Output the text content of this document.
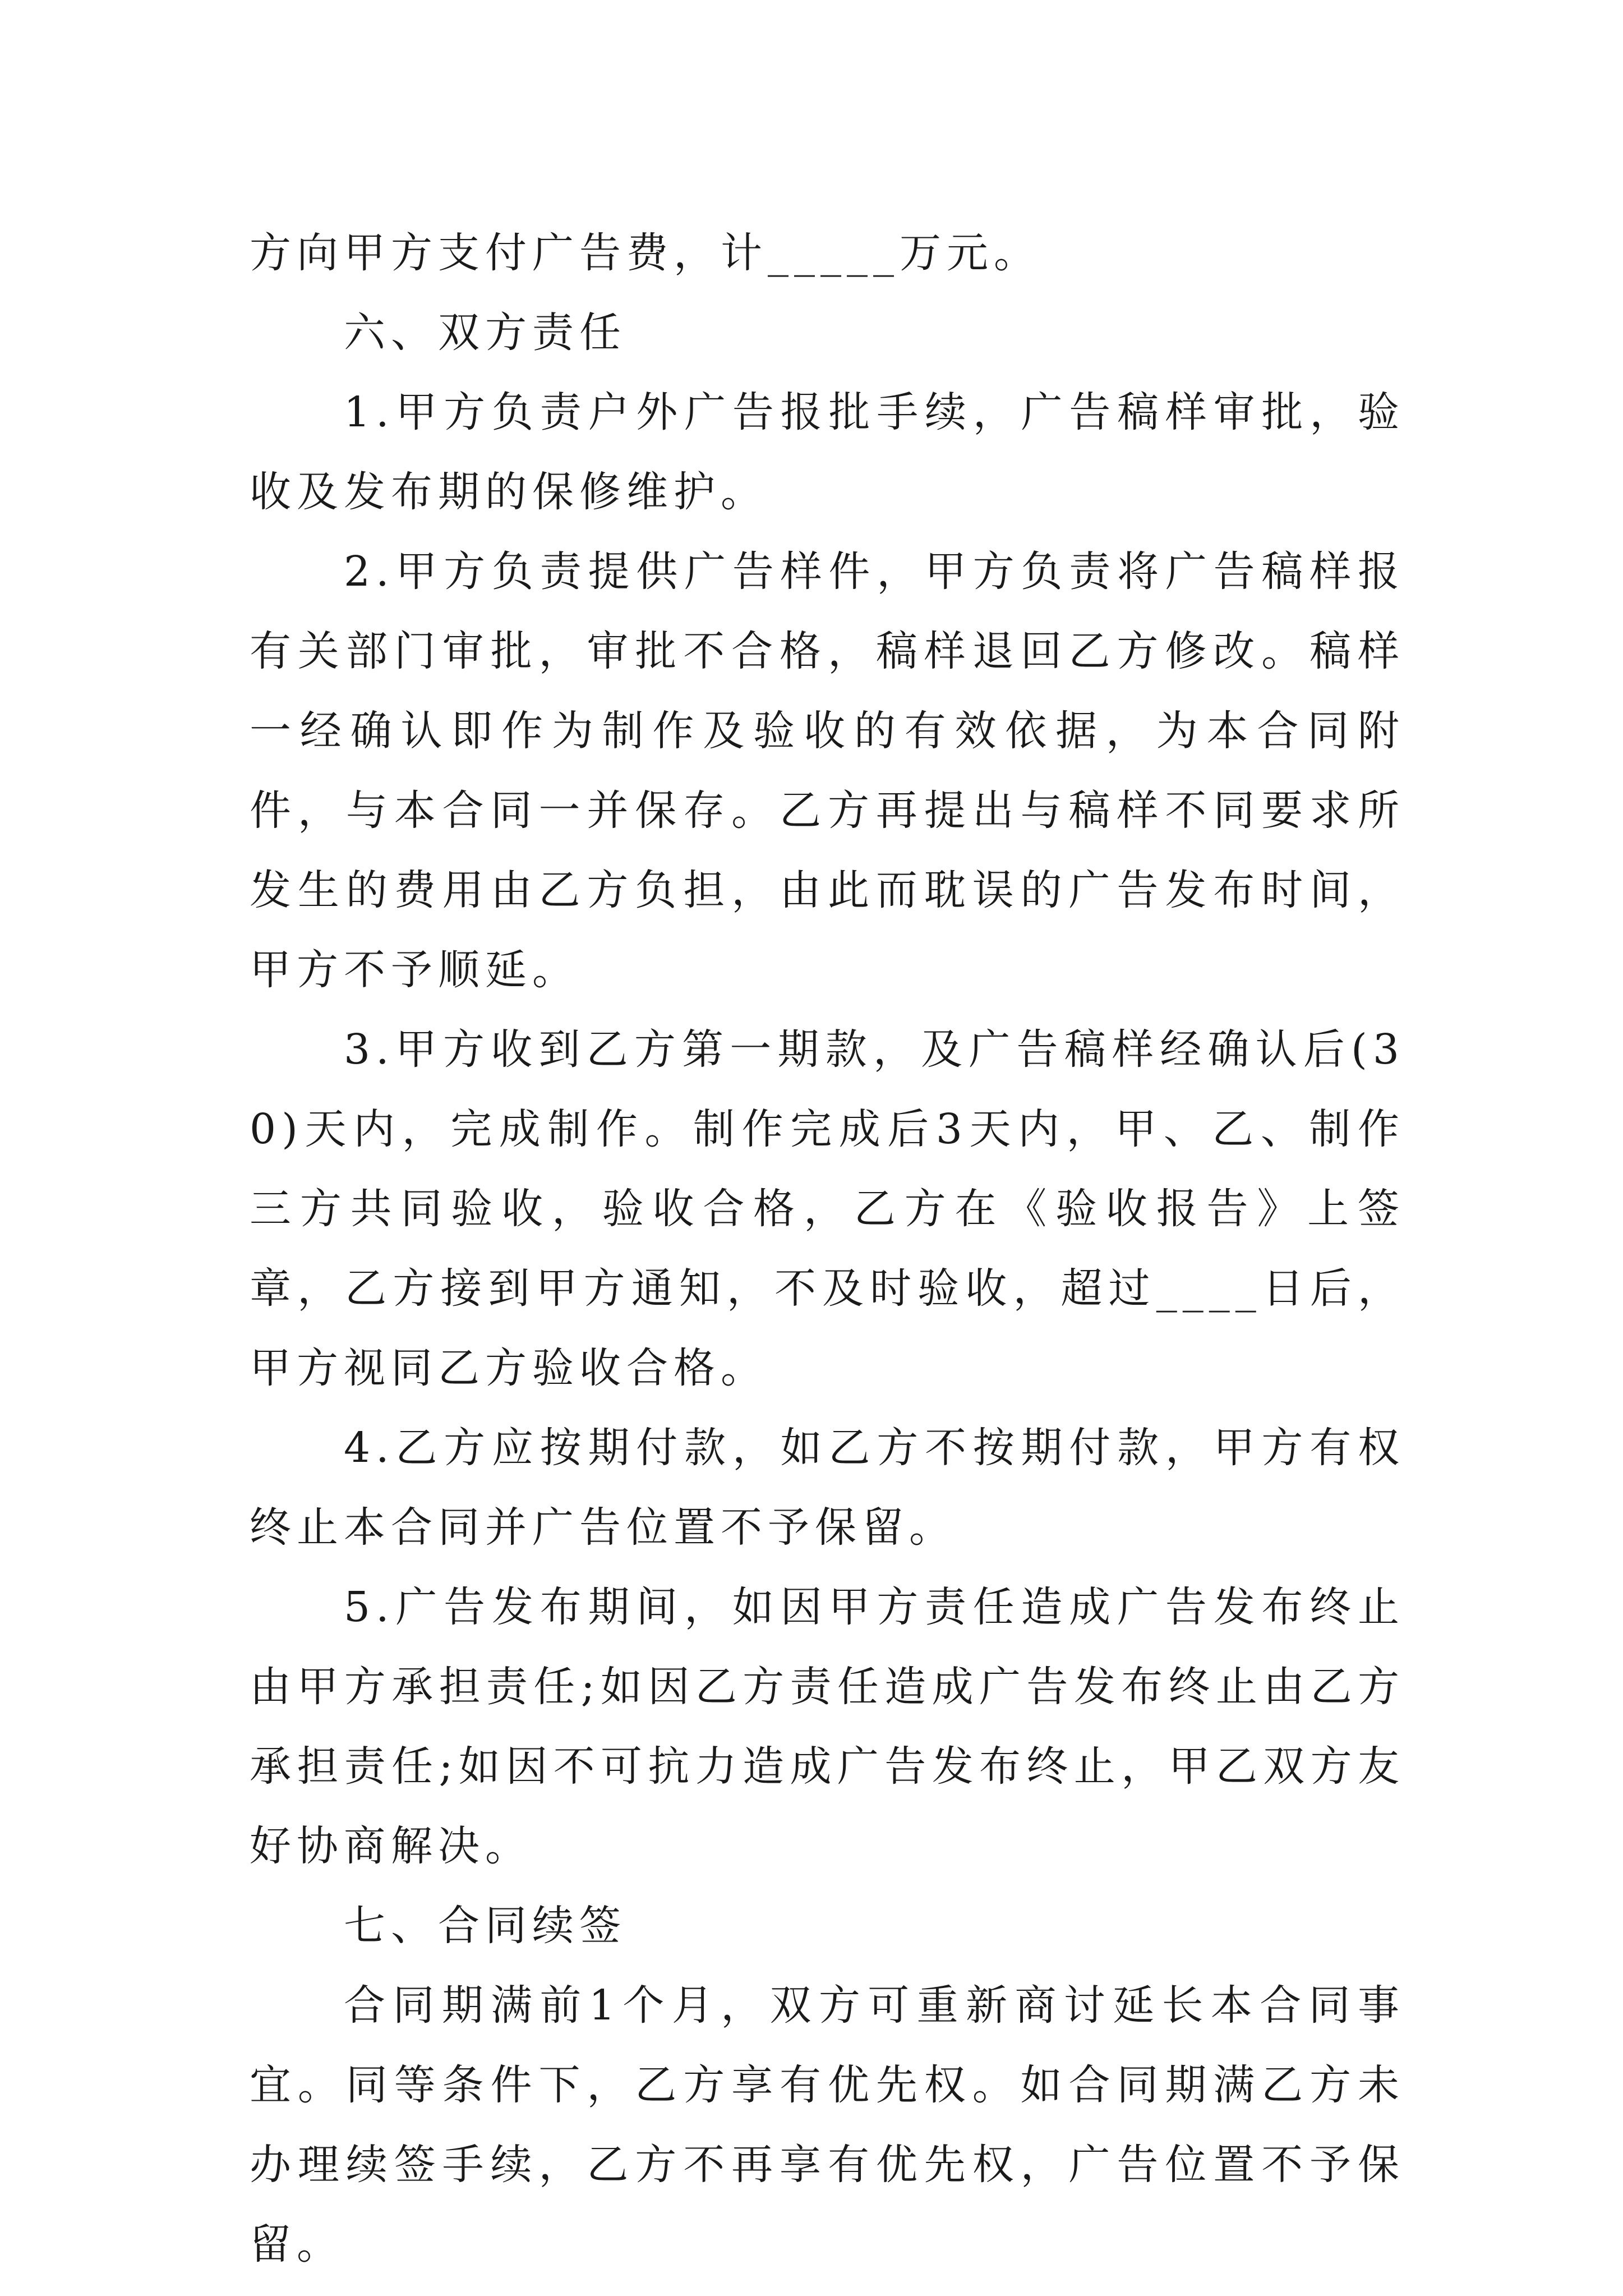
方向甲方支付广告费，计_____万元。

六、双方责任

1.甲方负责户外广告报批手续，广告稿样审批，验收及发布期的保修维护。

2.甲方负责提供广告样件，甲方负责将广告稿样报有关部门审批，审批不合格，稿样退回乙方修改。稿样一经确认即作为制作及验收的有效依据，为本合同附件，与本合同一并保存。乙方再提出与稿样不同要求所发生的费用由乙方负担，由此而耽误的广告发布时间，甲方不予顺延。

3.甲方收到乙方第一期款，及广告稿样经确认后(30)天内，完成制作。制作完成后3天内，甲、乙、制作三方共同验收，验收合格，乙方在《验收报告》上签章，乙方接到甲方通知，不及时验收，超过____日后，甲方视同乙方验收合格。

4.乙方应按期付款，如乙方不按期付款，甲方有权终止本合同并广告位置不予保留。

5.广告发布期间，如因甲方责任造成广告发布终止由甲方承担责任;如因乙方责任造成广告发布终止由乙方承担责任;如因不可抗力造成广告发布终止，甲乙双方友好协商解决。

七、合同续签

合同期满前1个月，双方可重新商讨延长本合同事宜。同等条件下，乙方享有优先权。如合同期满乙方未办理续签手续，乙方不再享有优先权，广告位置不予保留。
